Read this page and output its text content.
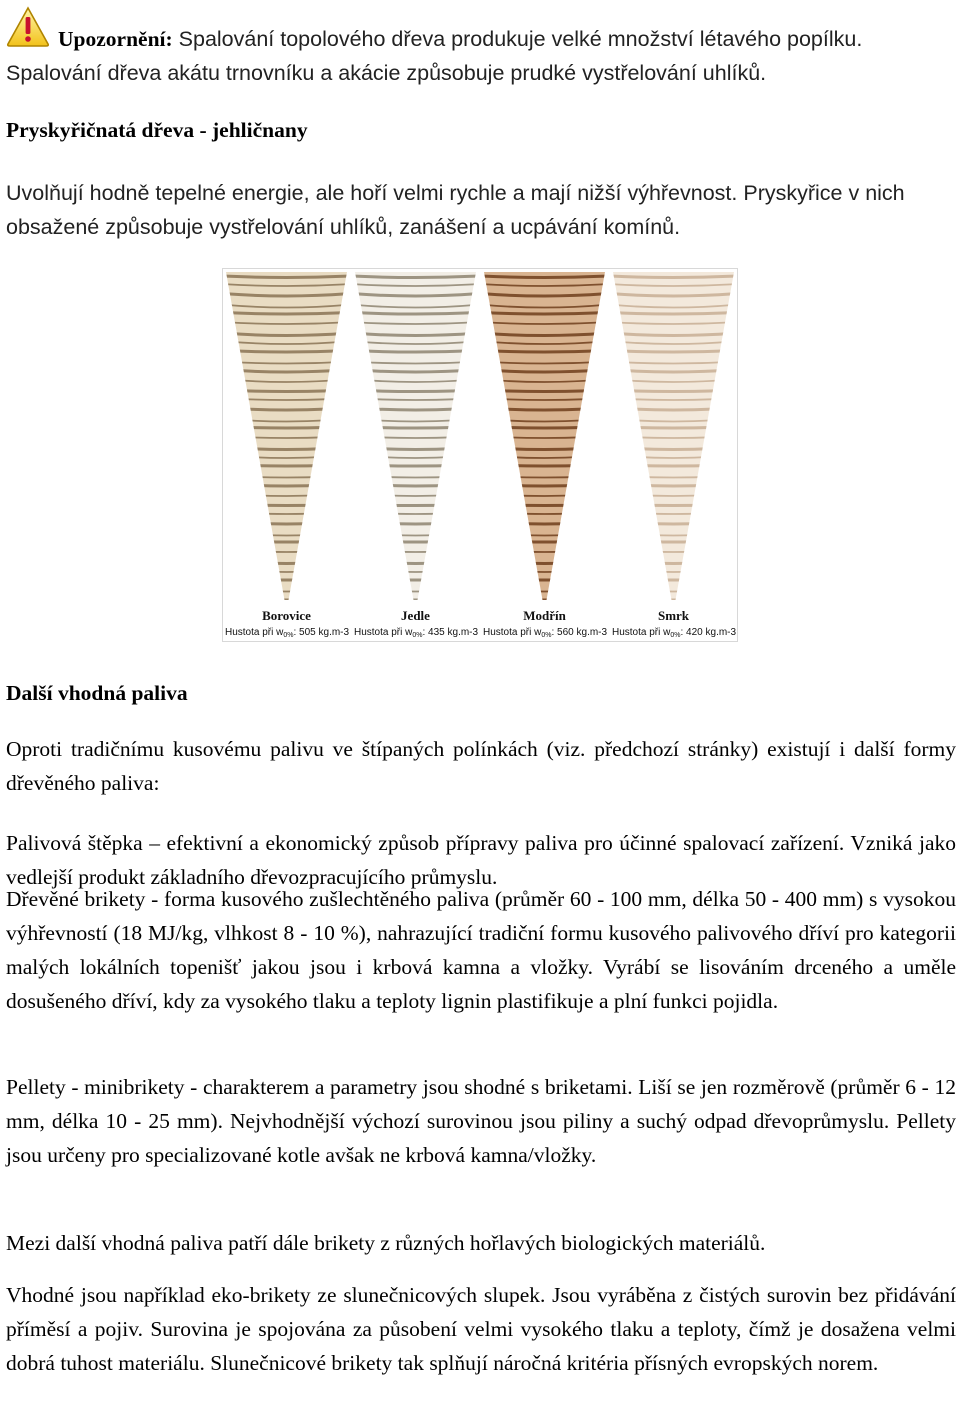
Upozornění: Spalování topolového dřeva produkuje velké množství létavého popílku.

Spalování dřeva akátu trnovníku a akácie způsobuje prudké vystřelování uhlíků.

Pryskyřičnatá dřeva - jehličnany

Uvolňují hodně tepelné energie, ale hoří velmi rychle a mají nižší výhřevnost. Pryskyřice v nich obsažené způsobuje vystřelování uhlíků, zanášení a ucpávání komínů.

Borovice
Hustota při $w_{0\%}$: 505 kg.m-3
Jedle
Hustota při $w_{0\%}$: 435 kg.m-3
Modřín
Hustota při $w_{0\%}$: 560 kg.m-3
Smrk
Hustota při $w_{0\%}$: 420 kg.m-3
Další vhodná paliva

Oproti tradičnímu kusovému palivu ve štípaných polínkách (viz. předchozí stránky) existují i další formy dřevěného paliva:

Palivová štěpka – efektivní a ekonomický způsob přípravy paliva pro účinné spalovací zařízení. Vzniká jako vedlejší produkt základního dřevozpracujícího průmyslu.

Dřevěné brikety - forma kusového zušlechtěného paliva (průměr 60 - 100 mm, délka 50 - 400 mm) s vysokou výhřevností (18 MJ/kg, vlhkost 8 - 10 %), nahrazující tradiční formu kusového palivového dříví pro kategorii malých lokálních topenišť jakou jsou i krbová kamna a vložky. Vyrábí se lisováním drceného a uměle dosušeného dříví, kdy za vysokého tlaku a teploty lignin plastifikuje a plní funkci pojidla.

Pellety - minibrikety - charakterem a parametry jsou shodné s briketami. Liší se jen rozměrově (průměr 6 - 12 mm, délka 10 - 25 mm). Nejvhodnější výchozí surovinou jsou piliny a suchý odpad dřevoprůmyslu. Pellety jsou určeny pro specializované kotle avšak ne krbová kamna/vložky.

Mezi další vhodná paliva patří dále brikety z různých hořlavých biologických materiálů.

Vhodné jsou například eko-brikety ze slunečnicových slupek. Jsou vyráběna z čistých surovin bez přidávání příměsí a pojiv. Surovina je spojována za působení velmi vysokého tlaku a teploty, čímž je dosažena velmi dobrá tuhost materiálu. Slunečnicové brikety tak splňují náročná kritéria přísných evropských norem.
